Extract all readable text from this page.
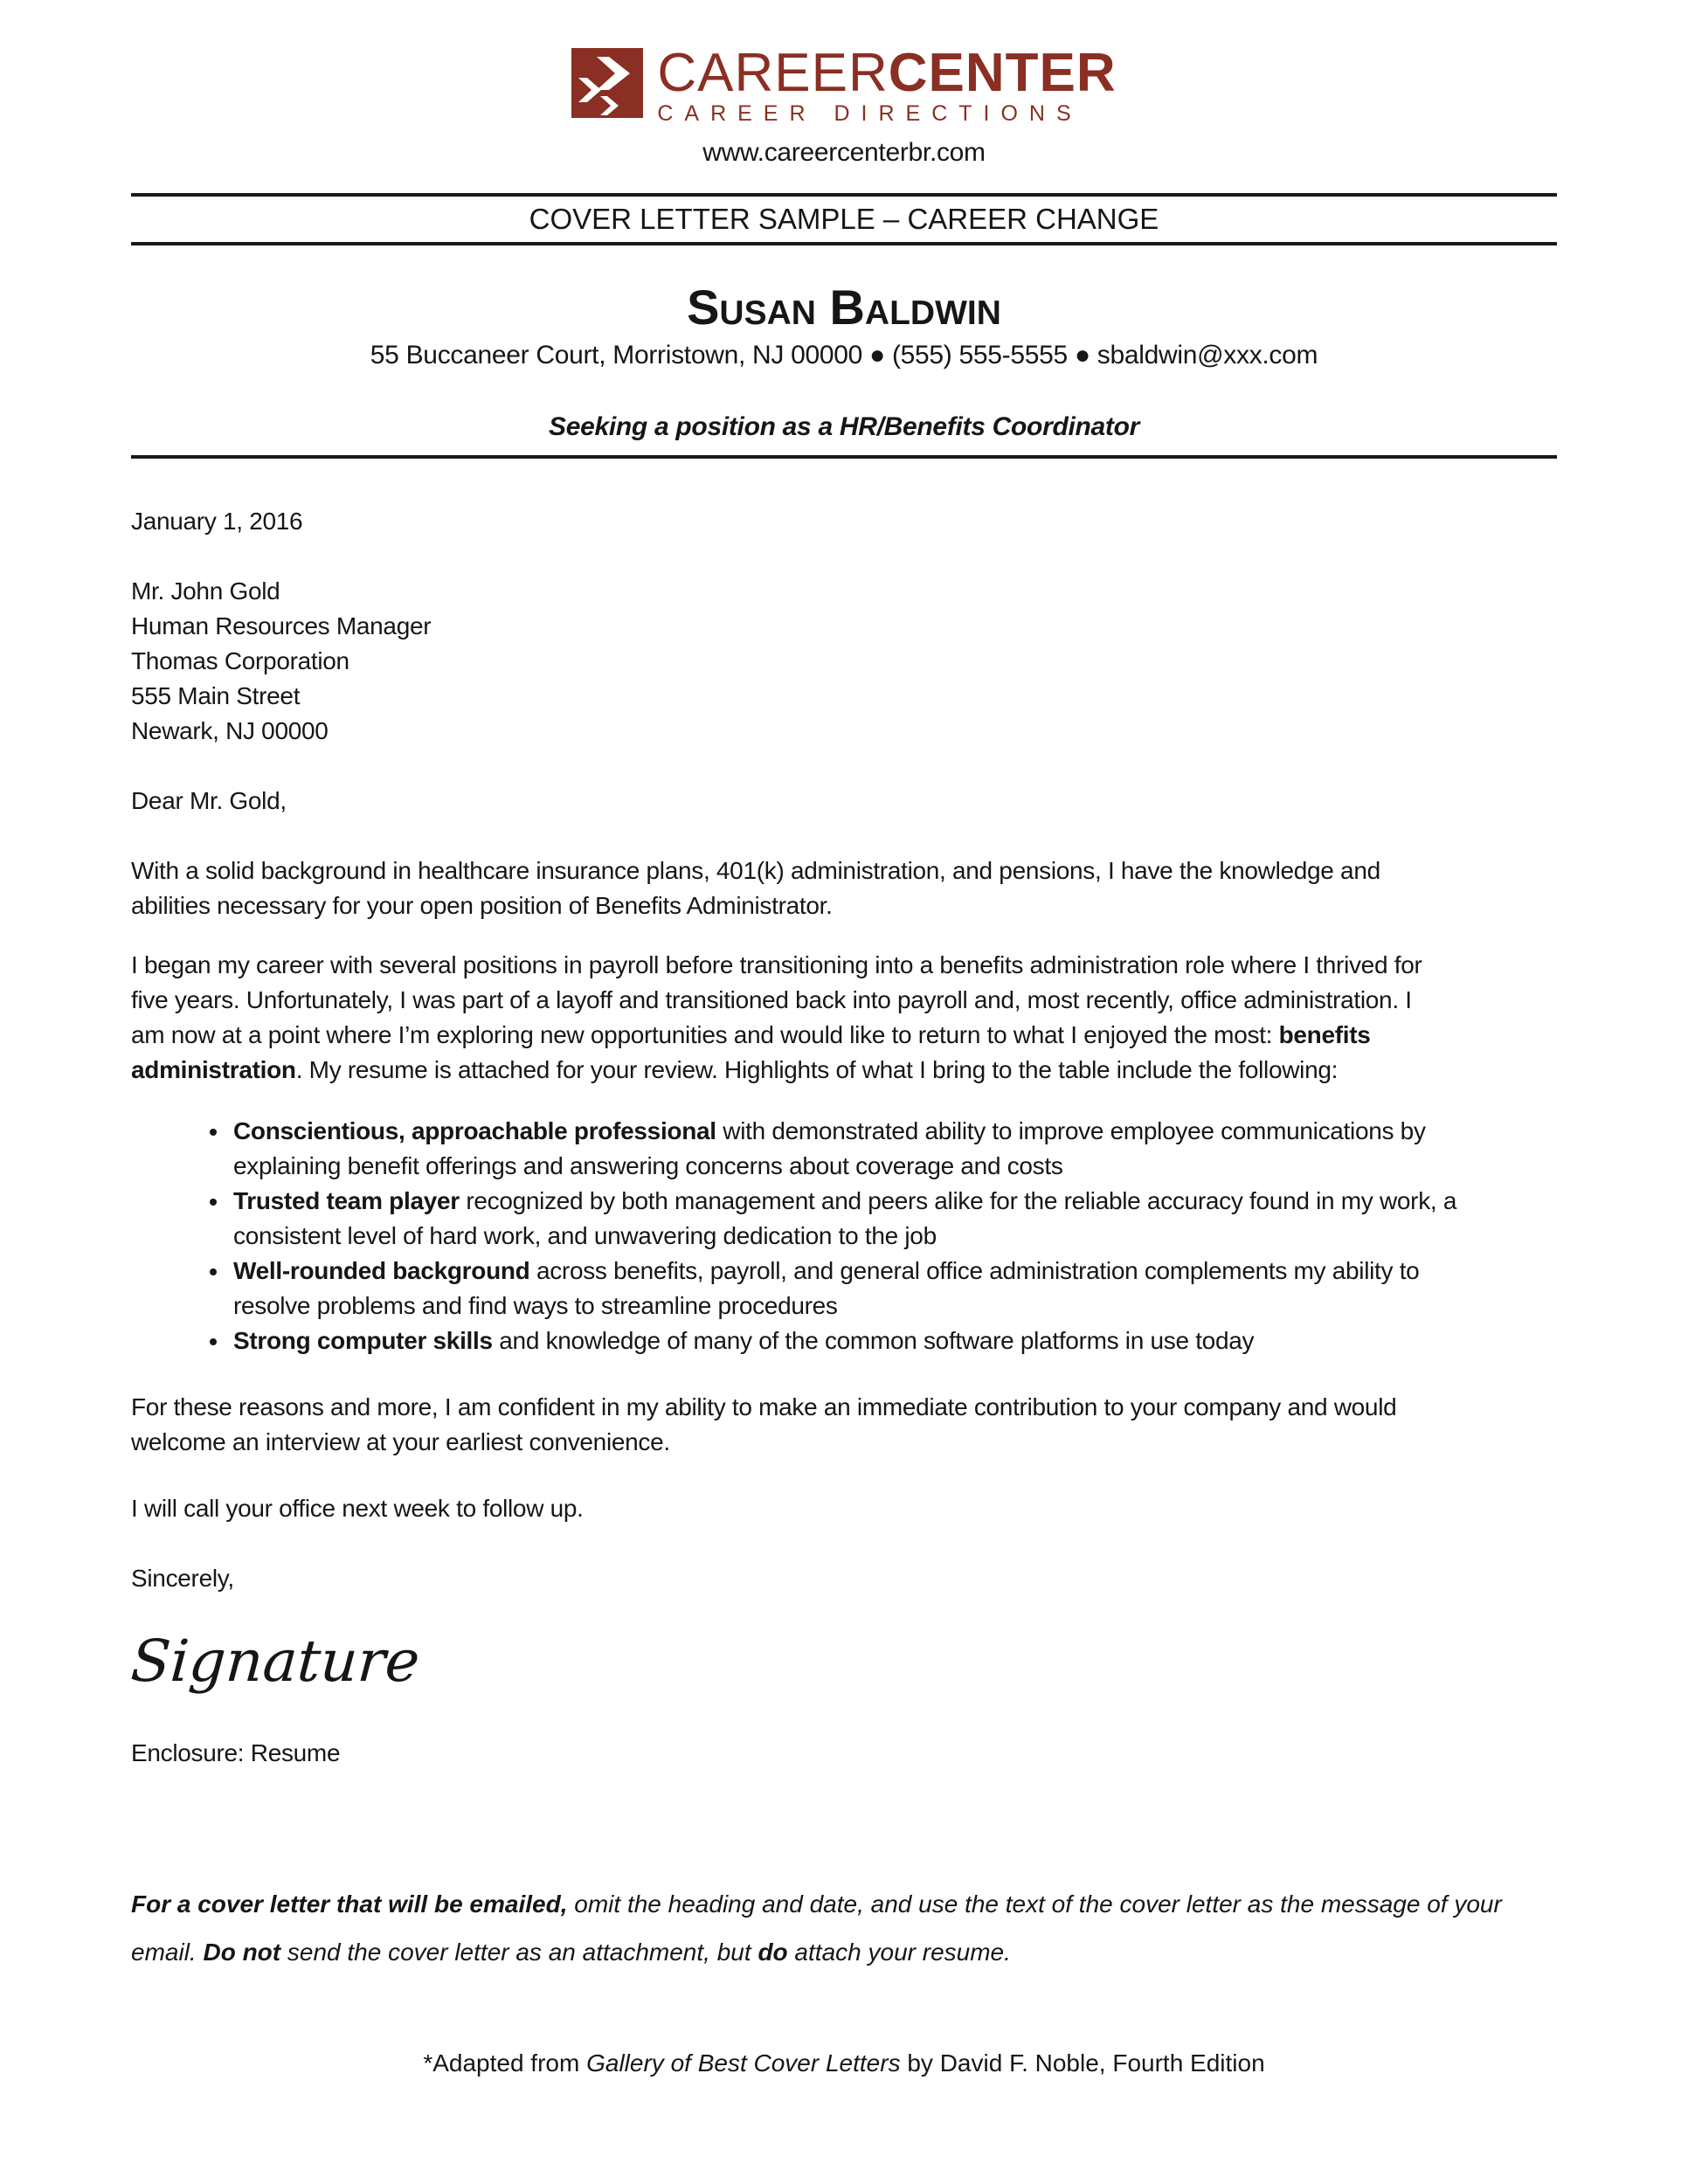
CAREERCENTER
CAREER DIRECTIONS
www.careercenterbr.com
COVER LETTER SAMPLE – CAREER CHANGE
Susan Baldwin
55 Buccaneer Court, Morristown, NJ 00000 ● (555) 555-5555 ● sbaldwin@xxx.com
Seeking a position as a HR/Benefits Coordinator
January 1, 2016
Mr. John Gold
Human Resources Manager
Thomas Corporation
555 Main Street
Newark, NJ 00000
Dear Mr. Gold,

With a solid background in healthcare insurance plans, 401(k) administration, and pensions, I have the knowledge and
abilities necessary for your open position of Benefits Administrator.

I began my career with several positions in payroll before transitioning into a benefits administration role where I thrived for
five years. Unfortunately, I was part of a layoff and transitioned back into payroll and, most recently, office administration. I
am now at a point where I’m exploring new opportunities and would like to return to what I enjoyed the most: benefits
administration. My resume is attached for your review. Highlights of what I bring to the table include the following:

• Conscientious, approachable professional with demonstrated ability to improve employee communications by
explaining benefit offerings and answering concerns about coverage and costs
• Trusted team player recognized by both management and peers alike for the reliable accuracy found in my work, a
consistent level of hard work, and unwavering dedication to the job
• Well-rounded background across benefits, payroll, and general office administration complements my ability to
resolve problems and find ways to streamline procedures
• Strong computer skills and knowledge of many of the common software platforms in use today

For these reasons and more, I am confident in my ability to make an immediate contribution to your company and would
welcome an interview at your earliest convenience.

I will call your office next week to follow up.

Sincerely,
Signature
Enclosure: Resume
For a cover letter that will be emailed, omit the heading and date, and use the text of the cover letter as the message of your
email. Do not send the cover letter as an attachment, but do attach your resume.
*Adapted from Gallery of Best Cover Letters by David F. Noble, Fourth Edition
